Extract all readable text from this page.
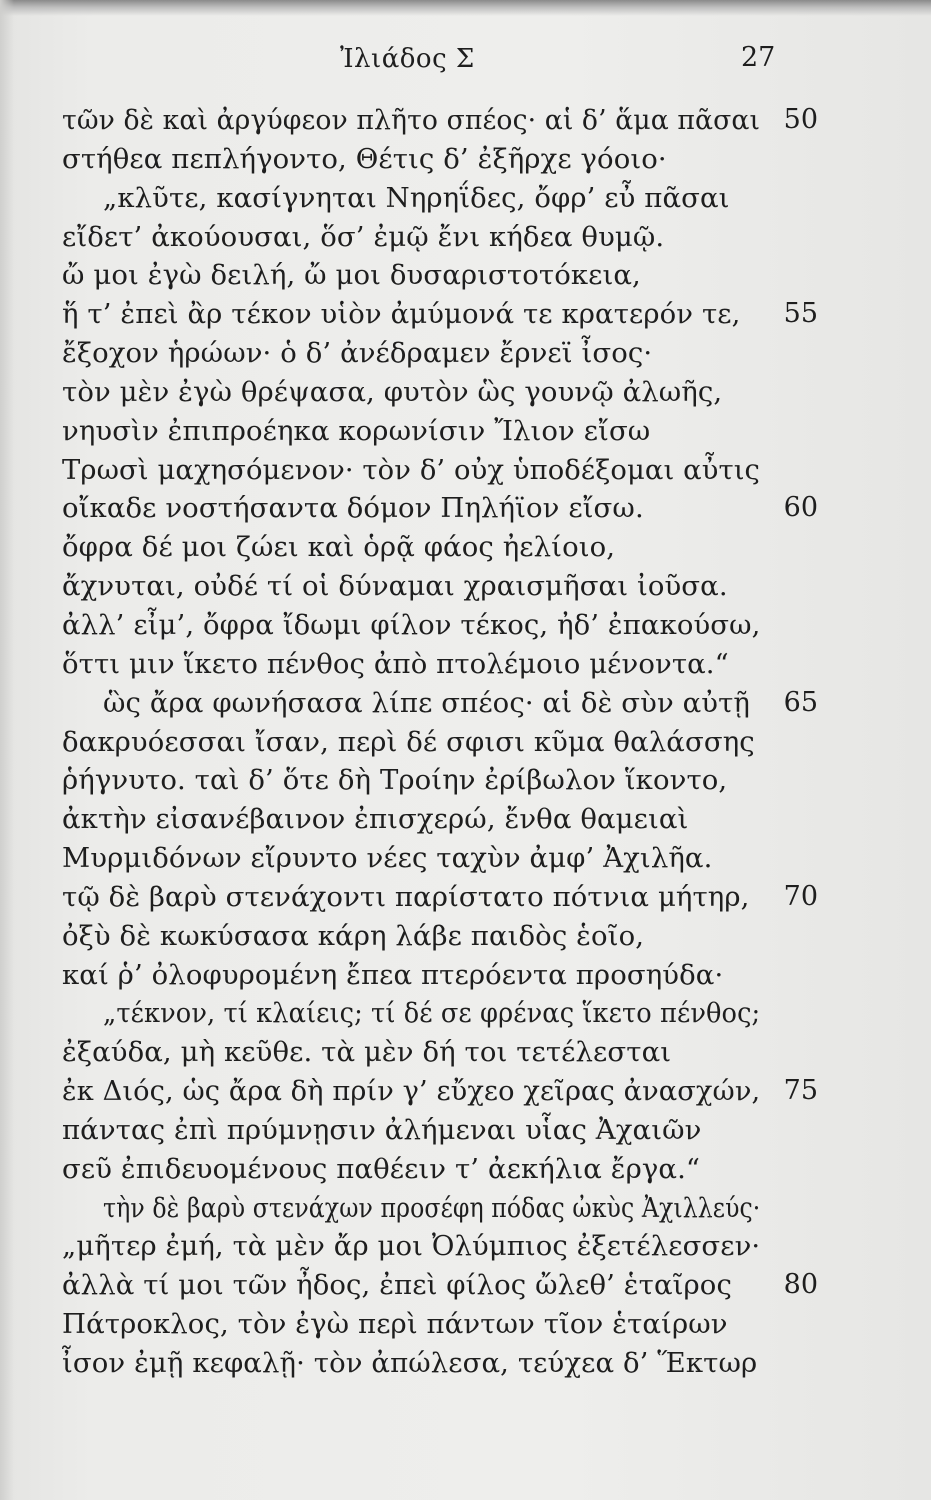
Ἰλιάδος Σ	27
τῶν δὲ καὶ ἀργύφεον πλῆτο σπέος· αἱ δ’ ἅμα πᾶσαι 50
στήθεα πεπλήγοντο, Θέτις δ’ ἐξῆρχε γόοιο·
„κλῦτε, κασίγνηται Νηρηΐδες, ὄφρ’ εὖ πᾶσαι
εἴδετ’ ἀκούουσαι, ὅσ’ ἐμῷ ἔνι κήδεα θυμῷ.
ὤ μοι ἐγὼ δειλή, ὤ μοι δυσαριστοτόκεια,
ἥ τ’ ἐπεὶ ἂρ τέκον υἱὸν ἀμύμονά τε κρατερόν τε, 55
ἔξοχον ἡρώων· ὁ δ’ ἀνέδραμεν ἔρνεϊ ἶσος·
τὸν μὲν ἐγὼ θρέψασα, φυτὸν ὣς γουνῷ ἀλωῆς,
νηυσὶν ἐπιπροέηκα κορωνίσιν Ἴλιον εἴσω
Τρωσὶ μαχησόμενον· τὸν δ’ οὐχ ὑποδέξομαι αὖτις
οἴκαδε νοστήσαντα δόμον Πηλήϊον εἴσω.	60
ὄφρα δέ μοι ζώει καὶ ὁρᾷ φάος ἠελίοιο,
ἄχνυται, οὐδέ τί οἱ δύναμαι χραισμῆσαι ἰοῦσα.
ἀλλ’ εἶμ’, ὄφρα ἴδωμι φίλον τέκος, ἠδ’ ἐπακούσω,
ὅττι μιν ἵκετο πένθος ἀπὸ πτολέμοιο μένοντα.“
ὣς ἄρα φωνήσασα λίπε σπέος· αἱ δὲ σὺν αὐτῇ 65
δακρυόεσσαι ἴσαν, περὶ δέ σφισι κῦμα θαλάσσης
ῥήγνυτο. ταὶ δ’ ὅτε δὴ Τροίην ἐρίβωλον ἵκοντο,
ἀκτὴν εἰσανέβαινον ἐπισχερώ, ἔνθα θαμειαὶ
Μυρμιδόνων εἴρυντο νέες ταχὺν ἀμφ’ Ἀχιλῆα.
τῷ δὲ βαρὺ στενάχοντι παρίστατο πότνια μήτηρ, 70
ὀξὺ δὲ κωκύσασα κάρη λάβε παιδὸς ἑοῖο,
καί ῥ’ ὀλοφυρομένη ἔπεα πτερόεντα προσηύδα·
„τέκνον, τί κλαίεις; τί δέ σε φρένας ἵκετο πένθος;
ἐξαύδα, μὴ κεῦθε. τὰ μὲν δή τοι τετέλεσται
ἐκ Διός, ὡς ἄρα δὴ πρίν γ’ εὔχεο χεῖρας ἀνασχών, 75
πάντας ἐπὶ πρύμνῃσιν ἀλήμεναι υἷας Ἀχαιῶν
σεῦ ἐπιδευομένους παθέειν τ’ ἀεκήλια ἔργα.“
τὴν δὲ βαρὺ στενάχων προσέφη πόδας ὠκὺς Ἀχιλλεύς·
„μῆτερ ἐμή, τὰ μὲν ἄρ μοι Ὀλύμπιος ἐξετέλεσσεν·
ἀλλὰ τί μοι τῶν ἦδος, ἐπεὶ φίλος ὤλεθ’ ἑταῖρος 80
Πάτροκλος, τὸν ἐγὼ περὶ πάντων τῖον ἑταίρων
ἶσον ἐμῇ κεφαλῇ· τὸν ἀπώλεσα, τεύχεα δ’ Ἕκτωρ
